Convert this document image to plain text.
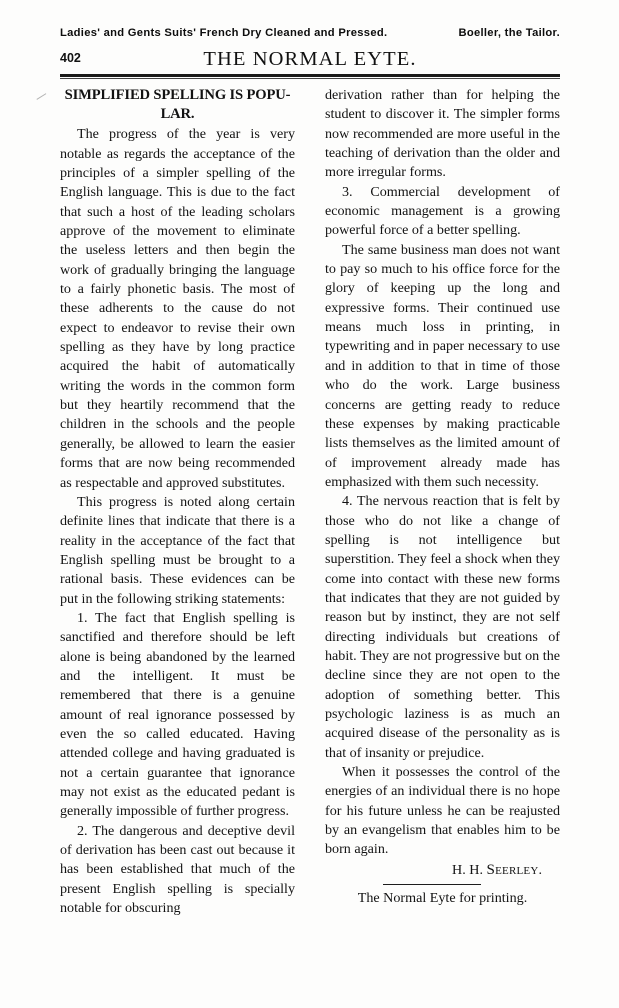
Ladies' and Gents Suits' French Dry Cleaned and Pressed.	Boeller, the Tailor.
402	THE NORMAL EYTE.
SIMPLIFIED SPELLING IS POPU-
LAR.

The progress of the year is very notable as regards the acceptance of the principles of a simpler spelling of the English language. This is due to the fact that such a host of the leading scholars approve of the movement to eliminate the useless letters and then begin the work of gradually bringing the language to a fairly phonetic basis. The most of these adherents to the cause do not expect to endeavor to revise their own spelling as they have by long practice acquired the habit of automatically writing the words in the common form but they heartily recommend that the children in the schools and the people generally, be allowed to learn the easier forms that are now being recommended as respectable and approved substitutes.

This progress is noted along certain definite lines that indicate that there is a reality in the acceptance of the fact that English spelling must be brought to a rational basis. These evidences can be put in the following striking statements:

1. The fact that English spelling is sanctified and therefore should be left alone is being abandoned by the learned and the intelligent. It must be remembered that there is a genuine amount of real ignorance possessed by even the so called educated. Having attended college and having graduated is not a certain guarantee that ignorance may not exist as the educated pedant is generally impossible of further progress.

2. The dangerous and deceptive devil of derivation has been cast out because it has been established that much of the present English spelling is specially notable for obscuring

derivation rather than for helping the student to discover it. The simpler forms now recommended are more useful in the teaching of derivation than the older and more irregular forms.

3. Commercial development of economic management is a growing powerful force of a better spelling.

The same business man does not want to pay so much to his office force for the glory of keeping up the long and expressive forms. Their continued use means much loss in printing, in typewriting and in paper necessary to use and in addition to that in time of those who do the work. Large business concerns are getting ready to reduce these expenses by making practicable lists themselves as the limited amount of of improvement already made has emphasized with them such necessity.

4. The nervous reaction that is felt by those who do not like a change of spelling is not intelligence but superstition. They feel a shock when they come into contact with these new forms that indicates that they are not guided by reason but by instinct, they are not self directing individuals but creations of habit. They are not progressive but on the decline since they are not open to the adoption of something better. This psychologic laziness is as much an acquired disease of the personality as is that of insanity or prejudice.

When it possesses the control of the energies of an individual there is no hope for his future unless he can be reajusted by an evangelism that enables him to be born again.

H. H. Seerley.

The Normal Eyte for printing.
